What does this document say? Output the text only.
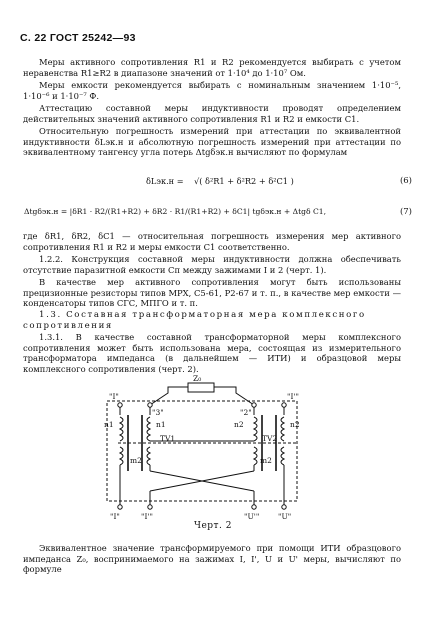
С. 22 ГОСТ 25242—93
Меры активного сопротивления R1 и R2 рекомендуется выбирать с учетом неравенства R1≥R2 в диапазоне значений от 1·10⁴ до 1·10⁷ Ом.
Меры емкости рекомендуется выбирать с номинальным значением 1·10⁻⁵, 1·10⁻⁶ и 1·10⁻⁷ Ф.
Аттестацию составной меры индуктивности проводят определением действительных значений активного сопротивления R1 и R2 и емкости C1.
Относительную погрешность измерений при аттестации по эквивалентной индуктивности δLэк.н и абсолютную погрешность измерений при аттестации по эквивалентному тангенсу угла потерь Δtgδэк.н вычисляют по формулам
δLэк.н = √( δ²R1 + δ²R2 + δ²C1 )	(6)
Δtgδэк.н = |δR1 · R2/(R1+R2) + δR2 · R1/(R1+R2) + δC1| tgδэк.н + Δtgδ C1,	(7)
где δR1, δR2, δC1 — относительная погрешность измерения мер активного сопротивления R1 и R2 и меры емкости C1 соответственно.
1.2.2. Конструкция составной меры индуктивности должна обеспечивать отсутствие паразитной емкости Cп между зажимами I и 2 (черт. 1).
В качестве мер активного сопротивления могут быть использованы прецизионные резисторы типов МРХ, С5-61, Р2-67 и т. п., в качестве мер емкости — конденсаторы типов СГС, МПГО и т. п.
1.3. Составная трансформаторная мера комплексного сопротивления
1.3.1. В качестве составной трансформаторной меры комплексного сопротивления может быть использована мера, состоящая из измерительного трансформатора импеданса (в дальнейшем — ИТИ) и образцовой меры комплексного сопротивления (черт. 2).
Z₀
"I"
"3"	"2"
"I'"
n1	n1	n2	n2
TV1	TV2
m2	m2
"I"	"I'"	"U'" "U"
Черт. 2
Эквивалентное значение трансформируемого при помощи ИТИ образцового импеданса Z₀, воспринимаемого на зажимах I, I', U и U' меры, вычисляют по формуле
